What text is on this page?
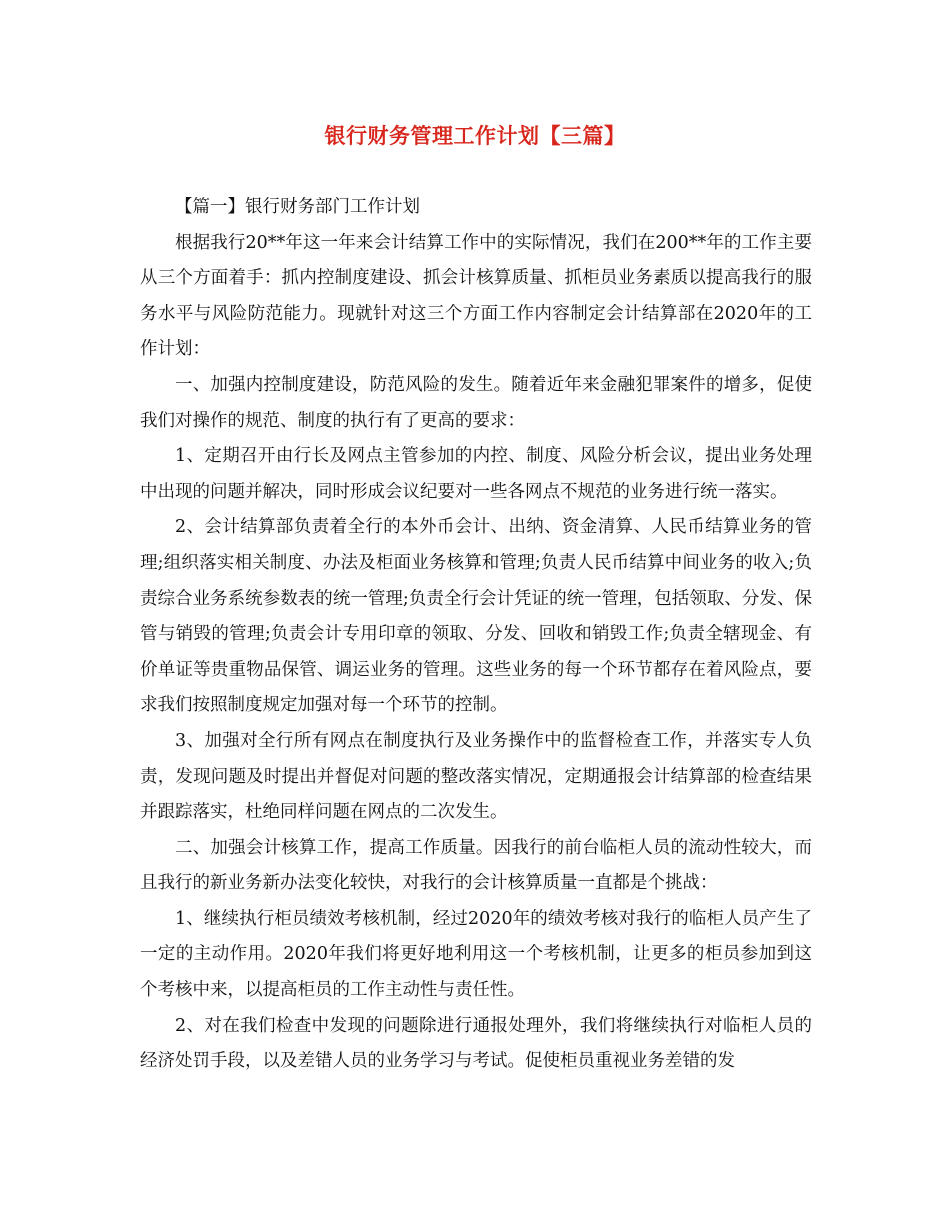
银行财务管理工作计划【三篇】

【篇一】银行财务部门工作计划

根据我行20**年这一年来会计结算工作中的实际情况，我们在200**年的工作主要从三个方面着手：抓内控制度建设、抓会计核算质量、抓柜员业务素质以提高我行的服务水平与风险防范能力。现就针对这三个方面工作内容制定会计结算部在2020年的工作计划：

一、加强内控制度建设，防范风险的发生。随着近年来金融犯罪案件的增多，促使我们对操作的规范、制度的执行有了更高的要求：

1、定期召开由行长及网点主管参加的内控、制度、风险分析会议，提出业务处理中出现的问题并解决，同时形成会议纪要对一些各网点不规范的业务进行统一落实。

2、会计结算部负责着全行的本外币会计、出纳、资金清算、人民币结算业务的管理;组织落实相关制度、办法及柜面业务核算和管理;负责人民币结算中间业务的收入;负责综合业务系统参数表的统一管理;负责全行会计凭证的统一管理，包括领取、分发、保管与销毁的管理;负责会计专用印章的领取、分发、回收和销毁工作;负责全辖现金、有价单证等贵重物品保管、调运业务的管理。这些业务的每一个环节都存在着风险点，要求我们按照制度规定加强对每一个环节的控制。

3、加强对全行所有网点在制度执行及业务操作中的监督检查工作，并落实专人负责，发现问题及时提出并督促对问题的整改落实情况，定期通报会计结算部的检查结果并跟踪落实，杜绝同样问题在网点的二次发生。

二、加强会计核算工作，提高工作质量。因我行的前台临柜人员的流动性较大，而且我行的新业务新办法变化较快，对我行的会计核算质量一直都是个挑战：

1、继续执行柜员绩效考核机制，经过2020年的绩效考核对我行的临柜人员产生了一定的主动作用。2020年我们将更好地利用这一个考核机制，让更多的柜员参加到这个考核中来，以提高柜员的工作主动性与责任性。

2、对在我们检查中发现的问题除进行通报处理外，我们将继续执行对临柜人员的经济处罚手段，以及差错人员的业务学习与考试。促使柜员重视业务差错的发
